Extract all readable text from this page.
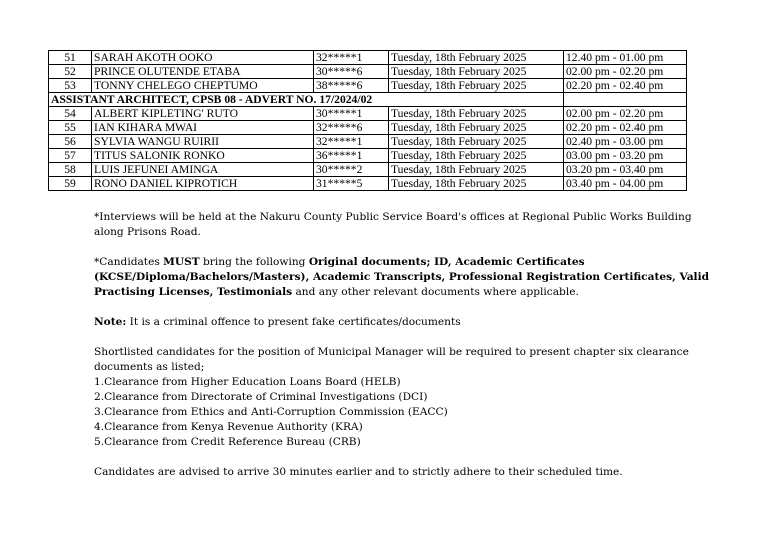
51	SARAH AKOTH OOKO	32*****1	Tuesday, 18th February 2025	12.40 pm - 01.00 pm
52	PRINCE OLUTENDE ETABA	30*****6	Tuesday, 18th February 2025	02.00 pm - 02.20 pm
53	TONNY CHELEGO CHEPTUMO	38*****6	Tuesday, 18th February 2025	02.20 pm - 02.40 pm
ASSISTANT ARCHITECT, CPSB 08 - ADVERT NO. 17/2024/02				
54	ALBERT KIPLETING' RUTO	30*****1	Tuesday, 18th February 2025	02.00 pm - 02.20 pm
55	IAN KIHARA MWAI	32*****6	Tuesday, 18th February 2025	02.20 pm - 02.40 pm
56	SYLVIA WANGU RUIRII	32*****1	Tuesday, 18th February 2025	02.40 pm - 03.00 pm
57	TITUS SALONIK RONKO	36*****1	Tuesday, 18th February 2025	03.00 pm - 03.20 pm
58	LUIS JEFUNEI AMINGA	30*****2	Tuesday, 18th February 2025	03.20 pm - 03.40 pm
59	RONO DANIEL KIPROTICH	31*****5	Tuesday, 18th February 2025	03.40 pm - 04.00 pm

*Interviews will be held at the Nakuru County Public Service Board's offices at Regional Public Works Building along Prisons Road.

*Candidates MUST bring the following Original documents; ID, Academic Certificates (KCSE/Diploma/Bachelors/Masters), Academic Transcripts, Professional Registration Certificates, Valid Practising Licenses, Testimonials and any other relevant documents where applicable.

Note: It is a criminal offence to present fake certificates/documents

Shortlisted candidates for the position of Municipal Manager will be required to present chapter six clearance documents as listed;

1.Clearance from Higher Education Loans Board (HELB)
2.Clearance from Directorate of Criminal Investigations (DCI)
3.Clearance from Ethics and Anti-Corruption Commission (EACC)
4.Clearance from Kenya Revenue Authority (KRA)
5.Clearance from Credit Reference Bureau (CRB)

Candidates are advised to arrive 30 minutes earlier and to strictly adhere to their scheduled time.
